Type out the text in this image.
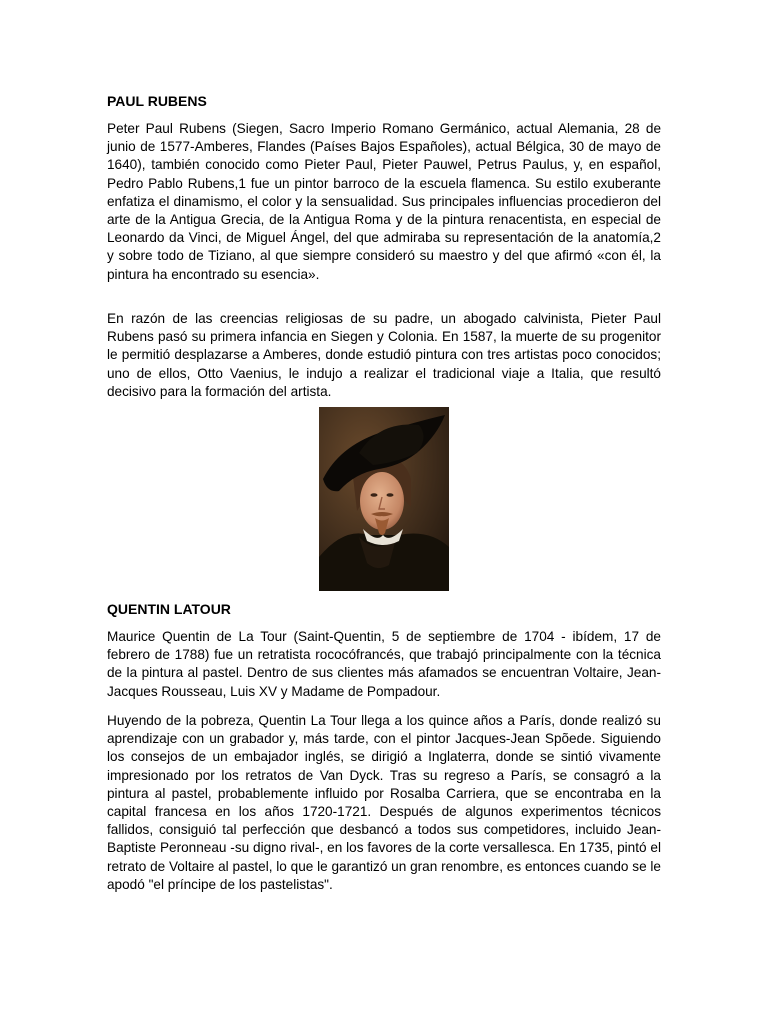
PAUL RUBENS

Peter Paul Rubens (Siegen, Sacro Imperio Romano Germánico, actual Alemania, 28 de junio de 1577-Amberes, Flandes (Países Bajos Españoles), actual Bélgica, 30 de mayo de 1640), también conocido como Pieter Paul, Pieter Pauwel, Petrus Paulus, y, en español, Pedro Pablo Rubens,1 fue un pintor barroco de la escuela flamenca. Su estilo exuberante enfatiza el dinamismo, el color y la sensualidad. Sus principales influencias procedieron del arte de la Antigua Grecia, de la Antigua Roma y de la pintura renacentista, en especial de Leonardo da Vinci, de Miguel Ángel, del que admiraba su representación de la anatomía,2 y sobre todo de Tiziano, al que siempre consideró su maestro y del que afirmó «con él, la pintura ha encontrado su esencia».

En razón de las creencias religiosas de su padre, un abogado calvinista, Pieter Paul Rubens pasó su primera infancia en Siegen y Colonia. En 1587, la muerte de su progenitor le permitió desplazarse a Amberes, donde estudió pintura con tres artistas poco conocidos; uno de ellos, Otto Vaenius, le indujo a realizar el tradicional viaje a Italia, que resultó decisivo para la formación del artista.

QUENTIN LATOUR

Maurice Quentin de La Tour (Saint-Quentin, 5 de septiembre de 1704 - ibídem, 17 de febrero de 1788) fue un retratista rococófrancés, que trabajó principalmente con la técnica de la pintura al pastel. Dentro de sus clientes más afamados se encuentran Voltaire, Jean-Jacques Rousseau, Luis XV y Madame de Pompadour.

Huyendo de la pobreza, Quentin La Tour llega a los quince años a París, donde realizó su aprendizaje con un grabador y, más tarde, con el pintor Jacques-Jean Spõede. Siguiendo los consejos de un embajador inglés, se dirigió a Inglaterra, donde se sintió vivamente impresionado por los retratos de Van Dyck. Tras su regreso a París, se consagró a la pintura al pastel, probablemente influido por Rosalba Carriera, que se encontraba en la capital francesa en los años 1720-1721. Después de algunos experimentos técnicos fallidos, consiguió tal perfección que desbancó a todos sus competidores, incluido Jean-Baptiste Peronneau -su digno rival-, en los favores de la corte versallesca. En 1735, pintó el retrato de Voltaire al pastel, lo que le garantizó un gran renombre, es entonces cuando se le apodó "el príncipe de los pastelistas".
